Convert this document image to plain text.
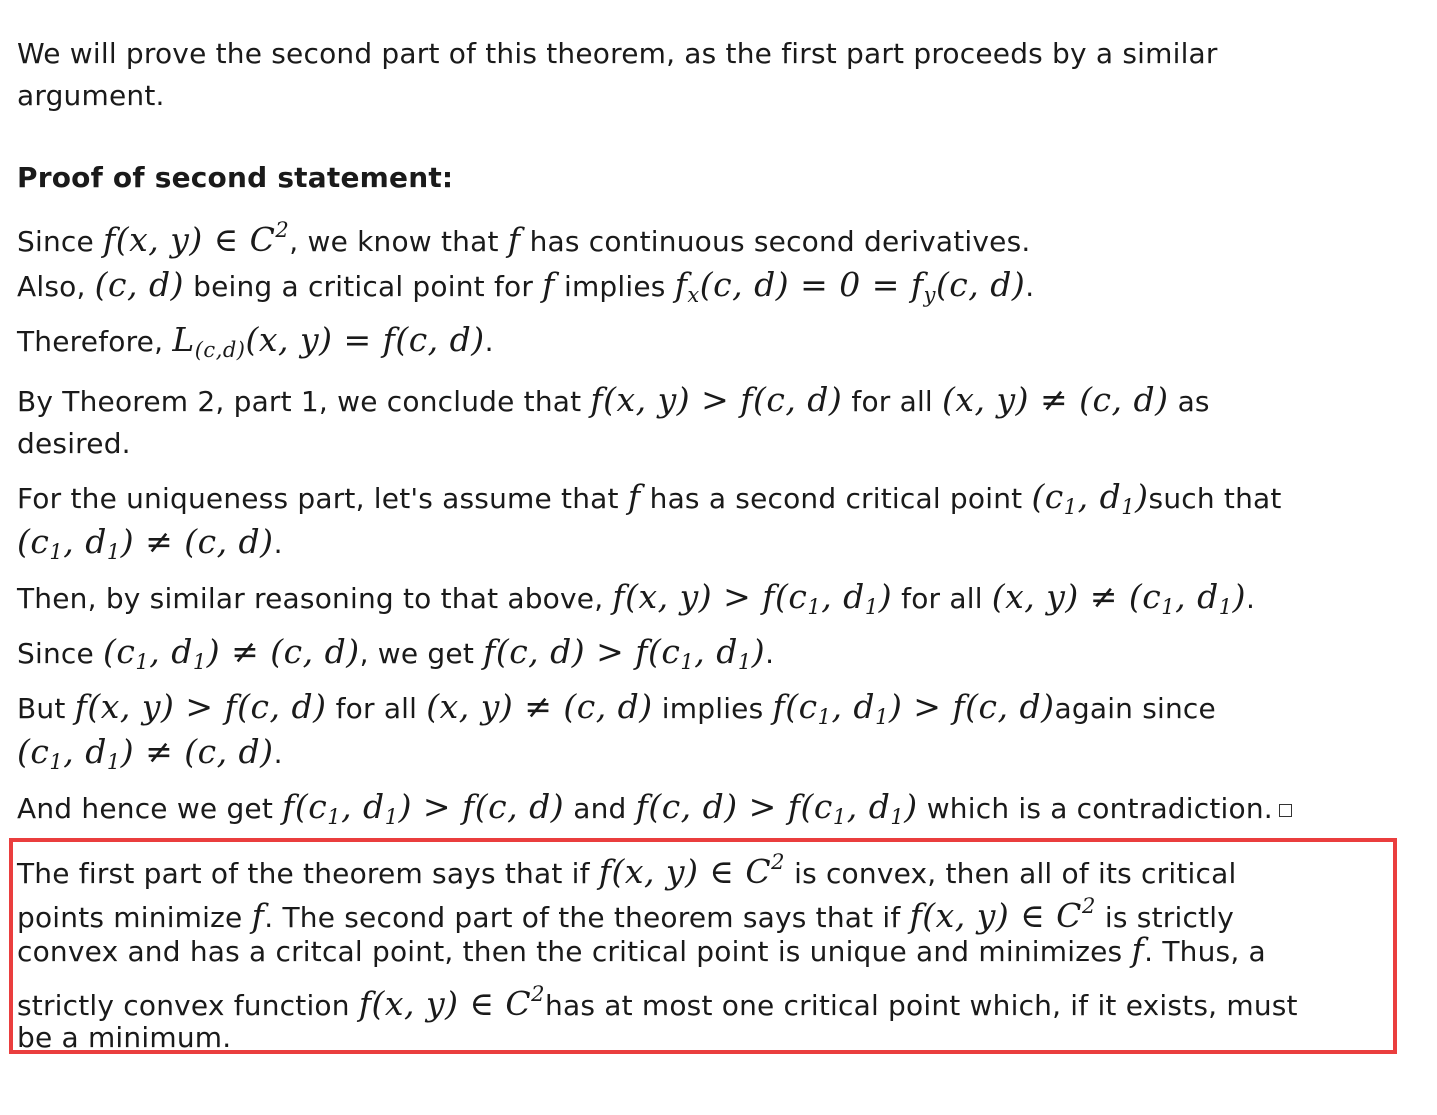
We will prove the second part of this theorem, as the first part proceeds by a similar
argument.
Proof of second statement:
Since f(x, y) ∈ $C^2$, we know that f has continuous second derivatives.
Also, (c, d) being a critical point for f implies $f_x(c$, $d) = 0 = f_y(c$, d).
Therefore, $L_{(c,d)}(x$, y) = f(c, d).
By Theorem 2, part 1, we conclude that f(x, y) > f(c, d) for all (x, y) ≠ (c, d) as
desired.
For the uniqueness part, let's assume that f has a second critical point ($c_1$, $d_1)such$ that
($c_1$, $d_1) \ne (c$, d).
Then, by similar reasoning to that above, f(x, $y) > f(c_1$, $d_1$) for all (x, $y) \ne (c_1$, $d_1$).
Since ($c_1$, $d_1) \ne (c$, d), we get f(c, $d) > f(c_1$, $d_1$).
But f(x, y) > f(c, d) for all (x, y) ≠ (c, d) implies $f(c_1$, $d_1) > f(c$, d)again since
($c_1$, $d_1) \ne (c$, d).
And hence we get $f(c_1$, $d_1) > f(c$, d) and f(c, $d) > f(c_1$, $d_1$) which is a contradiction.
The first part of the theorem says that if f(x, y) ∈ $C^2$ is convex, then all of its critical
points minimize f. The second part of the theorem says that if f(x, y) ∈ $C^2$ is strictly
convex and has a critcal point, then the critical point is unique and minimizes f. Thus, a
strictly convex function f(x, y) ∈ $C^2has$ at most one critical point which, if it exists, must
be a minimum.
